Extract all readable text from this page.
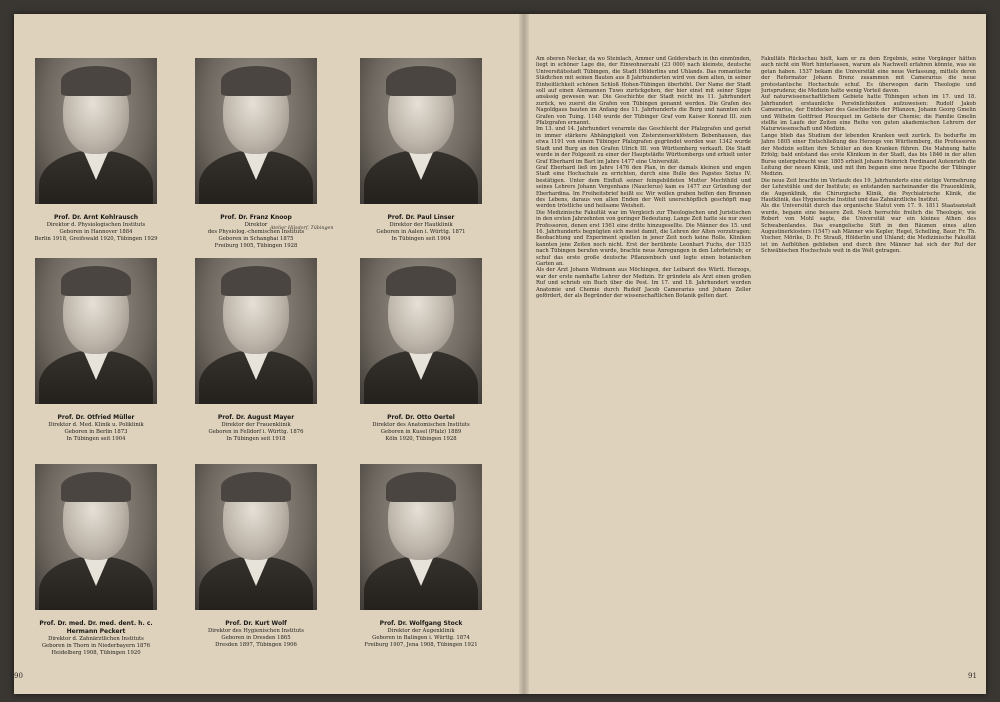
Prof. Dr. Arnt Kohlrausch
Direktor d. Physiologischen Instituts
Geboren in Hannover 1884
Berlin 1918, Greifswald 1920, Tübingen 1929
Prof. Dr. Franz Knoop
Direktor
des Physiolog.-chemischen Instituts
Geboren in Schanghai 1875
Freiburg 1905, Tübingen 1928
Prof. Dr. Paul Linser
Direktor der Hautklinik
Geboren in Aalen i. Württg. 1871
In Tübingen seit 1904
Prof. Dr. Otfried Müller
Direktor d. Med. Klinik u. Poliklinik
Geboren in Berlin 1873
In Tübingen seit 1904
Prof. Dr. August Mayer
Direktor der Frauenklinik
Geboren in Felldorf i. Württg. 1876
In Tübingen seit 1918
Prof. Dr. Otto Oertel
Direktor des Anatomischen Instituts
Geboren in Kusel (Pfalz) 1889
Köln 1920, Tübingen 1928
Prof. Dr. med. Dr. med. dent. h. c. Hermann Peckert
Direktor d. Zahnärztlichen Instituts
Geboren in Thorn in Niederbayern 1876
Heidelberg 1908, Tübingen 1920
Prof. Dr. Kurt Wolf
Direktor des Hygienischen Instituts
Geboren in Dresden 1865
Dresden 1897, Tübingen 1906
Prof. Dr. Wolfgang Stock
Direktor der Augenklinik
Geboren in Balingen i. Württg. 1874
Freiburg 1907, Jena 1908, Tübingen 1921
Atelier Hilsdorf, Tübingen
90

Am oberen Neckar, da wo Steinlach, Ammer und Goldersbach in ihn einmünden, liegt in schöner Lage die, der Einwohnerzahl (23 000) nach kleinste, deutsche Universitätsstadt Tübingen, die Stadt Hölderlins und Uhlands. Das romantische Städtchen mit seinen Bauten aus 8 Jahrhunderten wird von dem alten, in seiner Einheitlichkeit schönen Schloß Hohen-Tübingen überhöht. Der Name der Stadt soll auf einen Alemannen Tuwo zurückgehen, der hier einst mit seiner Sippe ansässig gewesen war. Die Geschichte der Stadt reicht ins 11. Jahrhundert zurück, wo zuerst die Grafen von Tübingen genannt werden. Die Grafen des Nagoldgaus bauten im Anfang des 11. Jahrhunderts die Burg und nannten sich Grafen von Tuing. 1148 wurde der Tübinger Graf vom Kaiser Konrad III. zum Pfalzgrafen ernannt.

Im 13. und 14. Jahrhundert verarmte das Geschlecht der Pfalzgrafen und geriet in immer stärkere Abhängigkeit von Zisterzienserklöstern Bebenhausen, das etwa 1191 von einem Tübinger Pfalzgrafen gegründet worden war. 1342 wurde Stadt und Burg an den Grafen Ulrich III. von Württemberg verkauft. Die Stadt wurde in der Folgezeit zu einer der Hauptstädte Württembergs und erhielt unter Graf Eberhard im Bart im Jahre 1477 eine Universität.

Graf Eberhard ließ im Jahre 1476 den Plan, in der damals kleinen und engen Stadt eine Hochschule zu errichten, durch eine Bulle des Papstes Sixtus IV. bestätigen. Unter dem Einfluß seiner feingebildeten Mutter Mechthild und seines Lehrers Johann Vergenhans (Nauclerus) kam es 1477 zur Gründung der Eberhardina. Im Freiheitsbrief heißt es: Wir wollen graben helfen den Brunnen des Lebens, daraus von allen Enden der Welt unerschöpflich geschöpft mag werden tröstliche und heilsame Weisheit.

Die Medizinische Fakultät war im Vergleich zur Theologischen und Juristischen in den ersten Jahrzehnten von geringer Bedeutung. Lange Zeit hatte sie nur zwei Professoren, denen erst 1561 eine dritte hinzugesellte. Die Männer des 15. und 16. Jahrhunderts begnügten sich meist damit, die Lehren der Alten vorzutragen; Beobachtung und Experiment spielten in jener Zeit noch keine Rolle. Kliniken kannten jene Zeiten noch nicht. Erst der berühmte Leonhart Fuchs, der 1535 nach Tübingen berufen wurde, brachte neue Anregungen in den Lehrbetrieb; er schuf das erste große deutsche Pflanzenbuch und legte einen botanischen Garten an.

Als der Arzt Johann Widmann aus Möchingen, der Leibarzt des Württ. Herzogs, war der erste namhafte Lehrer der Medizin. Er gründete als Arzt einen großen Ruf und schrieb ein Buch über die Pest. Im 17. und 18. Jahrhundert wurden Anatomie und Chemie durch Rudolf Jacob Camerarius und Johann Zeller gefördert, der als Begründer der wissenschaftlichen Botanik gelten darf.

Fakultäts Rückschau hielt, kam er zu dem Ergebnis, seine Vorgänger hätten auch nicht ein Wort hinterlassen, warum als Nachwelt erfahren könnte, was sie getan haben. 1537 bekam die Universität eine neue Verfassung, mittels deren der Reformator Johann Brenz zusammen mit Camerarius die neue protestantische Hochschule schuf. Es überwogen darin Theologie und Jurisprudenz; die Medizin hatte wenig Vorteil davon.

Auf naturwissenschaftlichem Gebiete hatte Tübingen schon im 17. und 18. Jahrhundert erstaunliche Persönlichkeiten aufzuweisen: Rudolf Jakob Camerarius, der Entdecker des Geschlechts der Pflanzen, Johann Georg Gmelin und Wilhelm Gottfried Ploucquet im Gebiete der Chemie; die Familie Gmelin stellte im Laufe der Zeiten eine Reihe von guten akademischen Lehrern der Naturwissenschaft und Medizin.

Lange blieb das Studium der lebenden Kranken weit zurück. Es bedurfte im Jahre 1805 einer Entschließung des Herzogs von Württemberg, die Professoren der Medizin sollten ihre Schüler an den Kranken führen. Die Mahnung hatte Erfolg; bald entstand das erste Klinikum in der Stadt, das bis 1846 in der alten Burse untergebracht war. 1805 erhielt Johann Heinrich Ferdinand Autenrieth die Leitung der neuen Klinik, und mit ihm begann eine neue Epoche der Tübinger Medizin.

Die neue Zeit brachte im Verlaufe des 19. Jahrhunderts eine stetige Vermehrung der Lehrstühle und der Institute; es entstanden nacheinander die Frauenklinik, die Augenklinik, die Chirurgische Klinik, die Psychiatrische Klinik, die Hautklinik, das Hygienische Institut und das Zahnärztliche Institut.

Als die Universität durch das organische Statut vom 17. 9. 1811 Staatsanstalt wurde, begann eine bessere Zeit. Noch herrschte freilich die Theologie, wie Robert von Mohl sagte, die Universität war ein kleines Athen des Schwabenlandes. Das evangelische Stift in den Räumen eines alten Augustinerklosters (1547) sah Männer wie Kepler, Hegel, Schelling, Baur, Fr. Th. Vischer, Mörike, D. Fr. Strauß, Hölderlin und Uhland; die Medizinische Fakultät ist im Aufblühen geblieben und durch ihre Männer hat sich der Ruf der Schwäbischen Hochschule weit in die Welt getragen.

91
